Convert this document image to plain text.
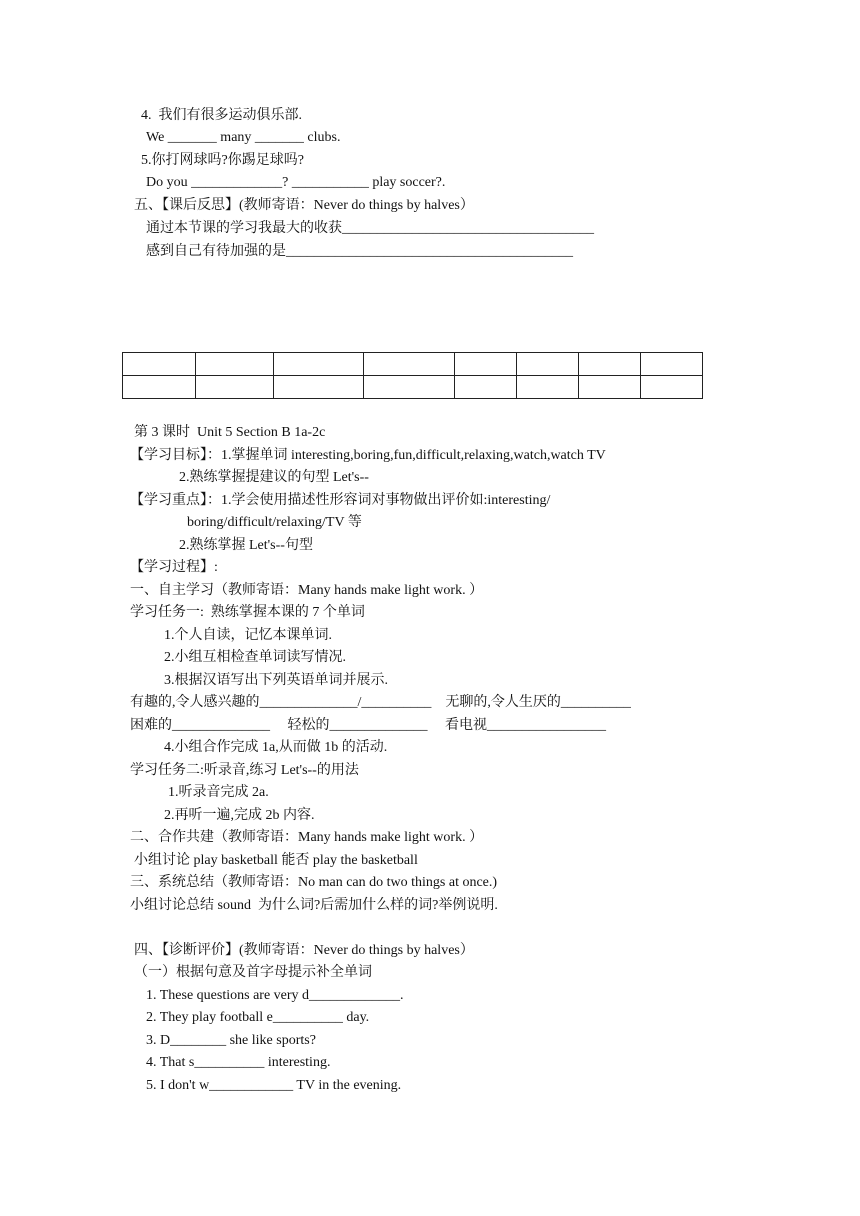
4.  我们有很多运动俱乐部.
We _______ many _______ clubs.
5.你打网球吗?你踢足球吗?
Do you _____________? ___________ play soccer?.
五、【课后反思】(教师寄语：Never do things by halves）
通过本节课的学习我最大的收获____________________________________
感到自己有待加强的是_________________________________________

第 3 课时  Unit 5 Section B 1a-2c
【学习目标】：1.掌握单词 interesting,boring,fun,difficult,relaxing,watch,watch TV
2.熟练掌握提建议的句型 Let's--
【学习重点】：1.学会使用描述性形容词对事物做出评价如:interesting/
boring/difficult/relaxing/TV 等
2.熟练掌握 Let's--句型
【学习过程】:
一、自主学习（教师寄语：Many hands make light work. ）
学习任务一:  熟练掌握本课的 7 个单词
1.个人自读，记忆本课单词.
2.小组互相检查单词读写情况.
3.根据汉语写出下列英语单词并展示.
有趣的,令人感兴趣的______________/__________    无聊的,令人生厌的__________
困难的______________     轻松的______________     看电视_________________
4.小组合作完成 1a,从而做 1b 的活动.
学习任务二:听录音,练习 Let's--的用法
1.听录音完成 2a.
2.再听一遍,完成 2b 内容.
二、合作共建（教师寄语：Many hands make light work. ）
小组讨论 play basketball 能否 play the basketball
三、系统总结（教师寄语：No man can do two things at once.)
小组讨论总结 sound  为什么词?后需加什么样的词?举例说明.
四、【诊断评价】(教师寄语：Never do things by halves）
（一）根据句意及首字母提示补全单词
1. These questions are very d_____________.
2. They play football e__________ day.
3. D________ she like sports?
4. That s__________ interesting.
5. I don't w____________ TV in the evening.
